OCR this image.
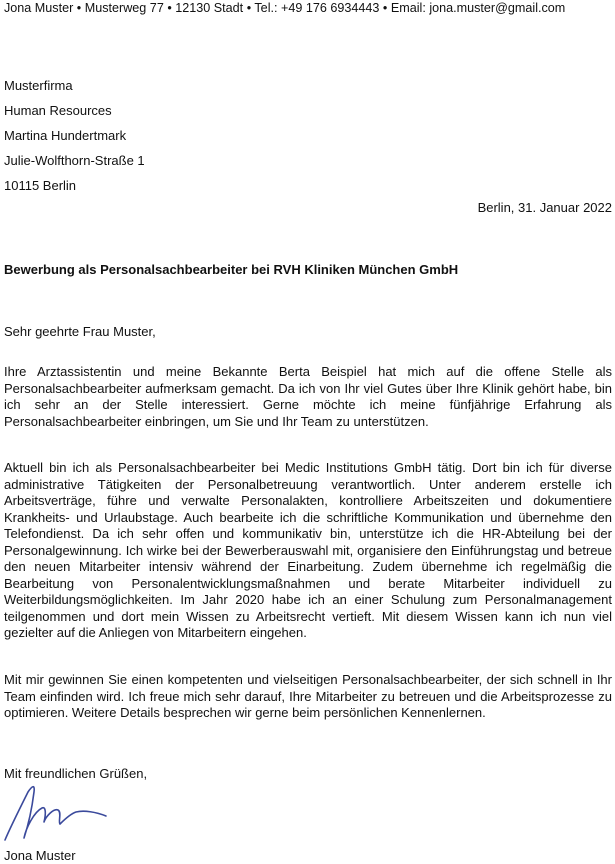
Jona Muster • Musterweg 77 • 12130 Stadt • Tel.: +49 176 6934443 • Email: jona.muster@gmail.com
Musterfirma
Human Resources
Martina Hundertmark
Julie-Wolfthorn-Straße 1
10115 Berlin
Berlin, 31. Januar 2022
Bewerbung als Personalsachbearbeiter bei RVH Kliniken München GmbH
Sehr geehrte Frau Muster,
Ihre Arztassistentin und meine Bekannte Berta Beispiel hat mich auf die offene Stelle als Personalsachbearbeiter aufmerksam gemacht. Da ich von Ihr viel Gutes über Ihre Klinik gehört habe, bin ich sehr an der Stelle interessiert. Gerne möchte ich meine fünfjährige Erfahrung als Personalsachbearbeiter einbringen, um Sie und Ihr Team zu unterstützen.
Aktuell bin ich als Personalsachbearbeiter bei Medic Institutions GmbH tätig. Dort bin ich für diverse administrative Tätigkeiten der Personalbetreuung verantwortlich. Unter anderem erstelle ich Arbeitsverträge, führe und verwalte Personalakten, kontrolliere Arbeitszeiten und dokumentiere Krankheits- und Urlaubstage. Auch bearbeite ich die schriftliche Kommunikation und übernehme den Telefondienst. Da ich sehr offen und kommunikativ bin, unterstütze ich die HR-Abteilung bei der Personalgewinnung. Ich wirke bei der Bewerberauswahl mit, organisiere den Einführungstag und betreue den neuen Mitarbeiter intensiv während der Einarbeitung. Zudem übernehme ich regelmäßig die Bearbeitung von Personalentwicklungsmaßnahmen und berate Mitarbeiter individuell zu Weiterbildungsmöglichkeiten. Im Jahr 2020 habe ich an einer Schulung zum Personalmanagement teilgenommen und dort mein Wissen zu Arbeitsrecht vertieft. Mit diesem Wissen kann ich nun viel gezielter auf die Anliegen von Mitarbeitern eingehen.
Mit mir gewinnen Sie einen kompetenten und vielseitigen Personalsachbearbeiter, der sich schnell in Ihr Team einfinden wird. Ich freue mich sehr darauf, Ihre Mitarbeiter zu betreuen und die Arbeitsprozesse zu optimieren. Weitere Details besprechen wir gerne beim persönlichen Kennenlernen.
Mit freundlichen Grüßen,
Jona Muster
